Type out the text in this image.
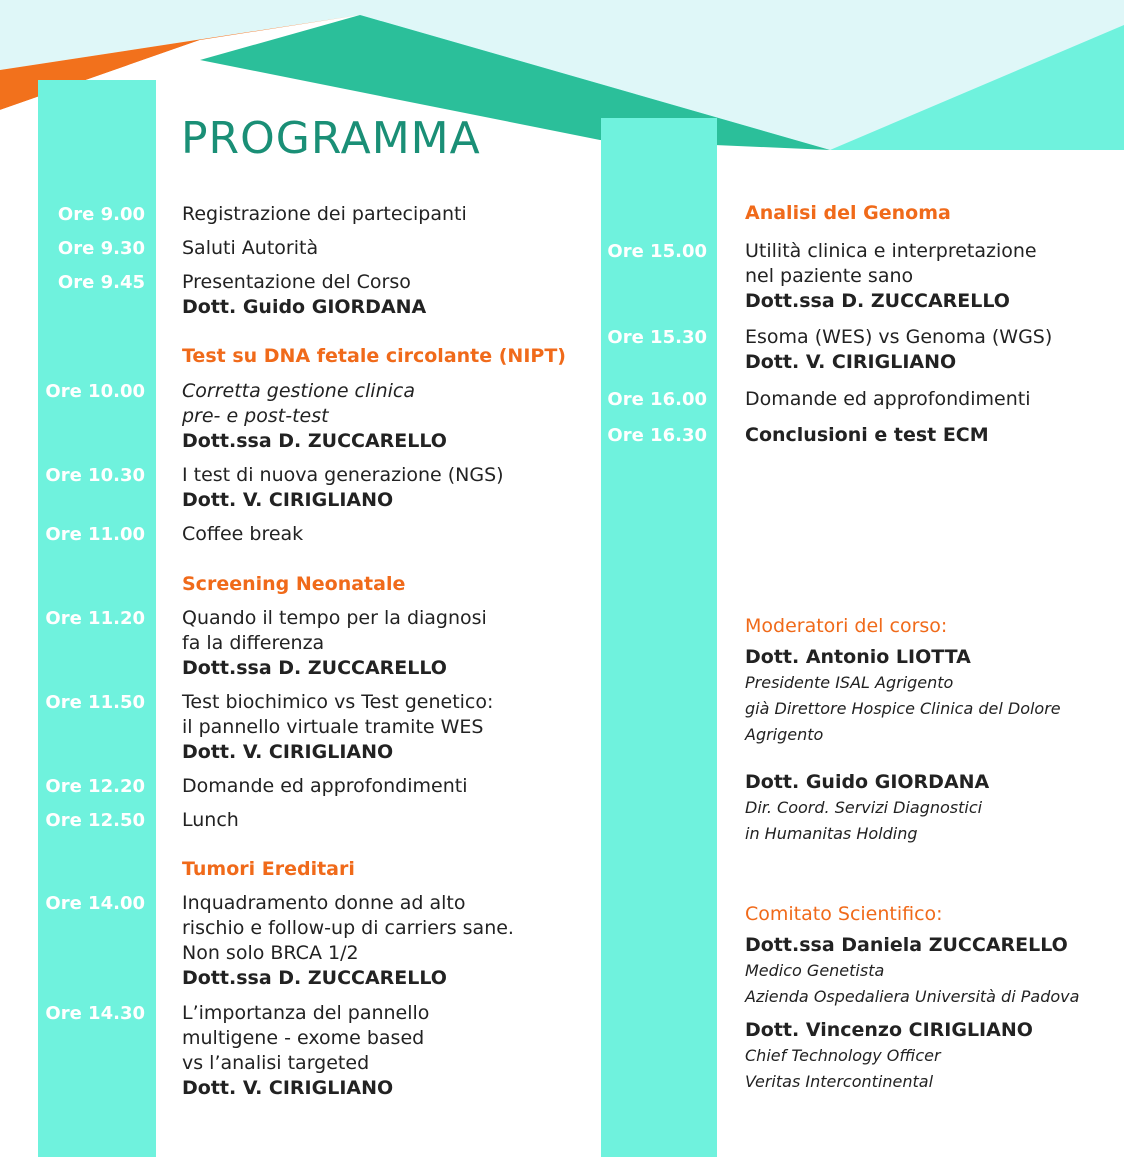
PROGRAMMA
Ore 9.00 Registrazione dei partecipanti
Ore 9.30 Saluti Autorità
Ore 9.45 Presentazione del Corso
Dott. Guido GIORDANA
Test su DNA fetale circolante (NIPT)
Ore 10.00 Corretta gestione clinica
pre- e post-test
Dott.ssa D. ZUCCARELLO
Ore 10.30 I test di nuova generazione (NGS)
Dott. V. CIRIGLIANO
Ore 11.00 Coffee break
Screening Neonatale
Ore 11.20 Quando il tempo per la diagnosi
fa la differenza
Dott.ssa D. ZUCCARELLO
Ore 11.50 Test biochimico vs Test genetico:
il pannello virtuale tramite WES
Dott. V. CIRIGLIANO
Ore 12.20 Domande ed approfondimenti
Ore 12.50 Lunch
Tumori Ereditari
Ore 14.00 Inquadramento donne ad alto
rischio e follow-up di carriers sane.
Non solo BRCA 1/2
Dott.ssa D. ZUCCARELLO
Ore 14.30 L’importanza del pannello
multigene - exome based
vs l’analisi targeted
Dott. V. CIRIGLIANO
Analisi del Genoma
Ore 15.00 Utilità clinica e interpretazione
nel paziente sano
Dott.ssa D. ZUCCARELLO
Ore 15.30 Esoma (WES) vs Genoma (WGS)
Dott. V. CIRIGLIANO
Ore 16.00 Domande ed approfondimenti
Ore 16.30 Conclusioni e test ECM
Moderatori del corso:
Dott. Antonio LIOTTA
Presidente ISAL Agrigento
già Direttore Hospice Clinica del Dolore
Agrigento
Dott. Guido GIORDANA
Dir. Coord. Servizi Diagnostici
in Humanitas Holding
Comitato Scientifico:
Dott.ssa Daniela ZUCCARELLO
Medico Genetista
Azienda Ospedaliera Università di Padova
Dott. Vincenzo CIRIGLIANO
Chief Technology Officer
Veritas Intercontinental
